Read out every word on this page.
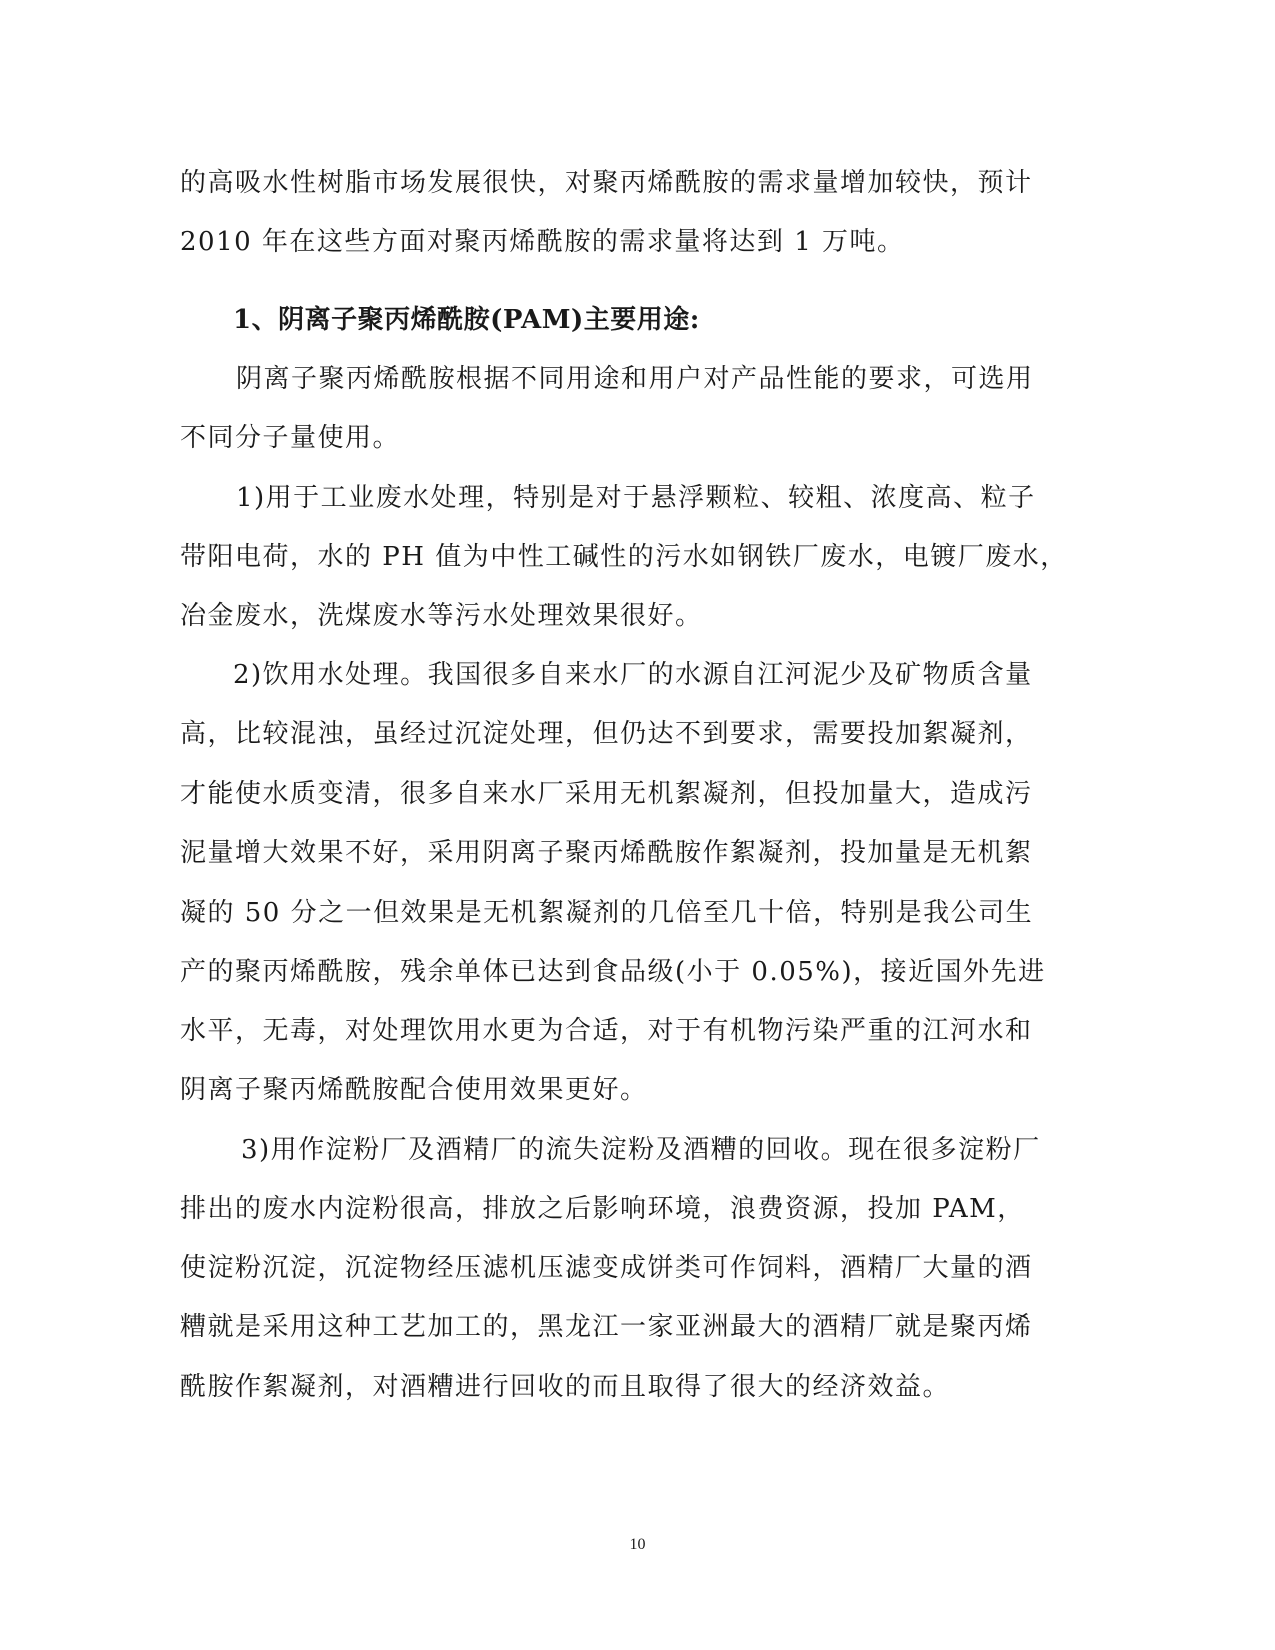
的高吸水性树脂市场发展很快，对聚丙烯酰胺的需求量增加较快，预计
2010 年在这些方面对聚丙烯酰胺的需求量将达到 1 万吨。
1、阴离子聚丙烯酰胺(PAM)主要用途:
阴离子聚丙烯酰胺根据不同用途和用户对产品性能的要求，可选用
不同分子量使用。
1)用于工业废水处理，特别是对于悬浮颗粒、较粗、浓度高、粒子
带阳电荷，水的 PH 值为中性工碱性的污水如钢铁厂废水，电镀厂废水，
冶金废水，洗煤废水等污水处理效果很好。
2)饮用水处理。我国很多自来水厂的水源自江河泥少及矿物质含量
高，比较混浊，虽经过沉淀处理，但仍达不到要求，需要投加絮凝剂，
才能使水质变清，很多自来水厂采用无机絮凝剂，但投加量大，造成污
泥量增大效果不好，采用阴离子聚丙烯酰胺作絮凝剂，投加量是无机絮
凝的 50 分之一但效果是无机絮凝剂的几倍至几十倍，特别是我公司生
产的聚丙烯酰胺，残余单体已达到食品级(小于 0.05%)，接近国外先进
水平，无毒，对处理饮用水更为合适，对于有机物污染严重的江河水和
阴离子聚丙烯酰胺配合使用效果更好。
3)用作淀粉厂及酒精厂的流失淀粉及酒糟的回收。现在很多淀粉厂
排出的废水内淀粉很高，排放之后影响环境，浪费资源，投加 PAM，
使淀粉沉淀，沉淀物经压滤机压滤变成饼类可作饲料，酒精厂大量的酒
糟就是采用这种工艺加工的，黑龙江一家亚洲最大的酒精厂就是聚丙烯
酰胺作絮凝剂，对酒糟进行回收的而且取得了很大的经济效益。
10
